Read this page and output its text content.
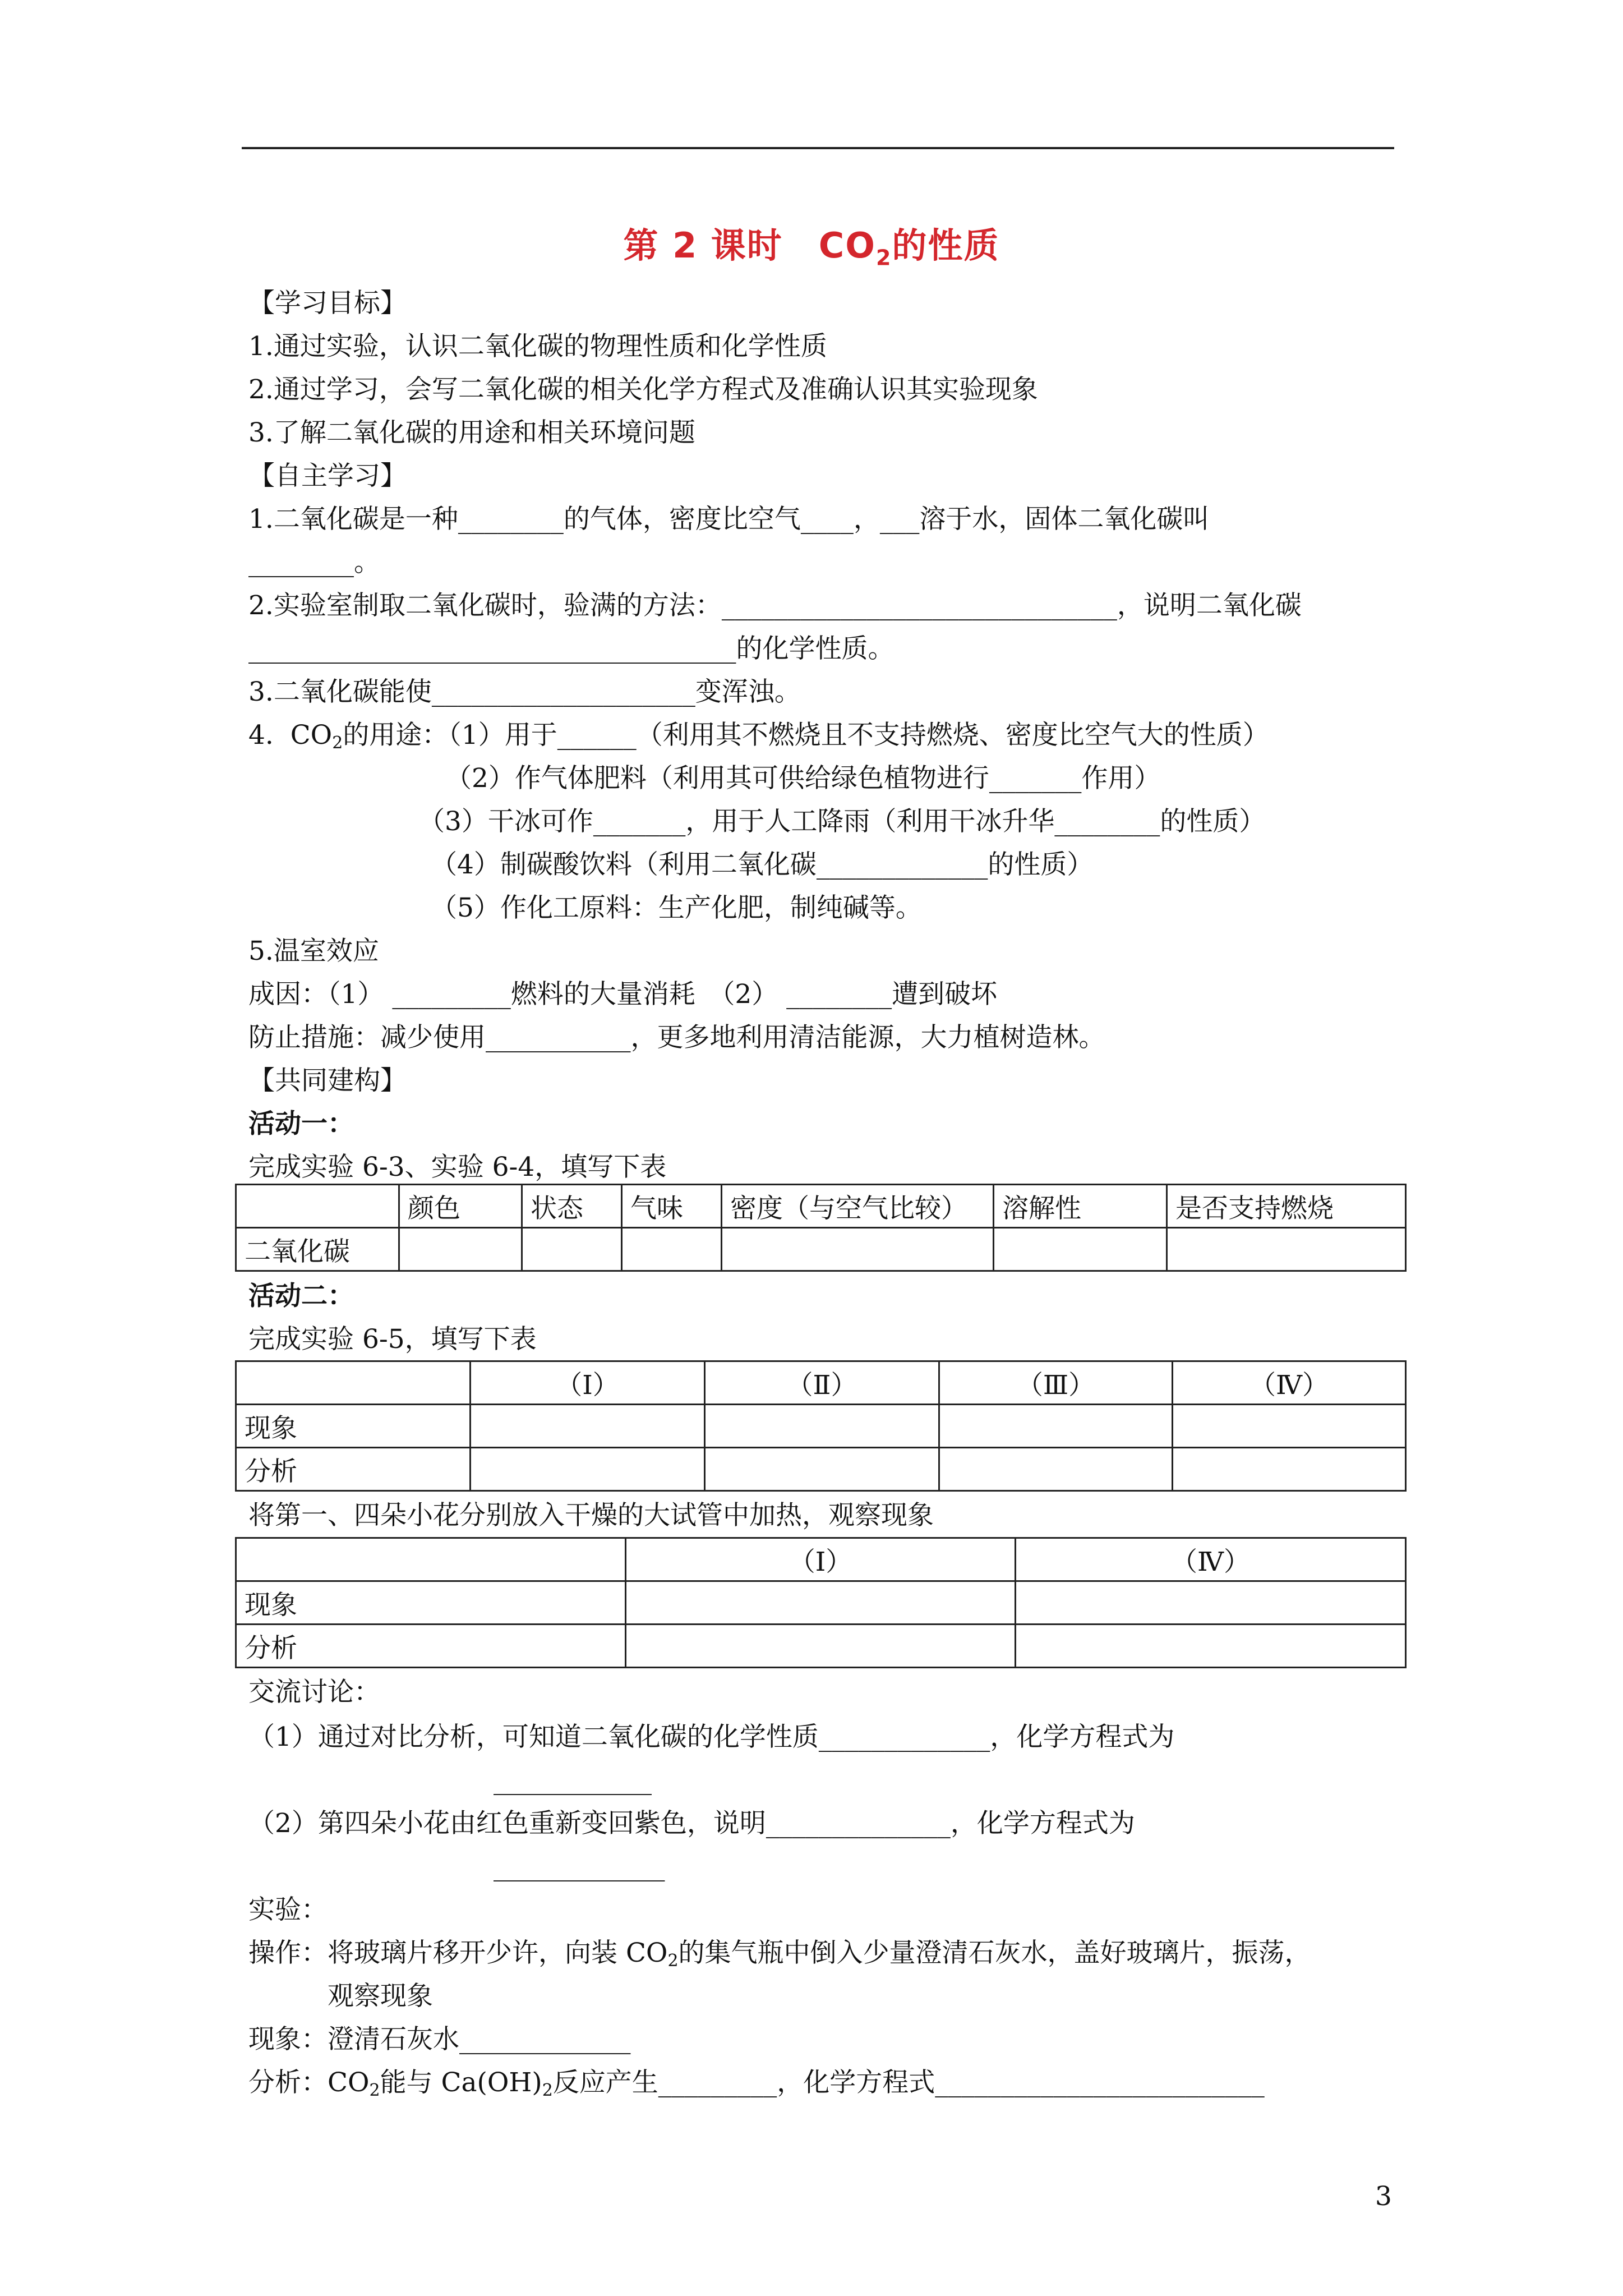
第 2 课时　$CO_2$的性质
【学习目标】
1.通过实验，认识二氧化碳的物理性质和化学性质
2.通过学习，会写二氧化碳的相关化学方程式及准确认识其实验现象
3.了解二氧化碳的用途和相关环境问题
【自主学习】
1.二氧化碳是一种________的气体，密度比空气____，___溶于水，固体二氧化碳叫
________。
2.实验室制取二氧化碳时，验满的方法：______________________________，说明二氧化碳
_____________________________________的化学性质。
3.二氧化碳能使____________________变浑浊。
4.  $CO_2$的用途：（1）用于______（利用其不燃烧且不支持燃烧、密度比空气大的性质）
（2）作气体肥料（利用其可供给绿色植物进行_______作用）
（3）干冰可作_______，用于人工降雨（利用干冰升华________的性质）
（4）制碳酸饮料（利用二氧化碳_____________的性质）
（5）作化工原料：生产化肥，制纯碱等。
5.温室效应
成因：（1） _________燃料的大量消耗　（2） ________遭到破坏
防止措施：减少使用___________，更多地利用清洁能源，大力植树造林。
【共同建构】
活动一：
完成实验 6-3、实验 6-4，填写下表
	颜色	状态	气味	密度（与空气比较）	溶解性	是否支持燃烧
二氧化碳						
活动二：
完成实验 6-5，填写下表
	（Ⅰ）	（Ⅱ）	（Ⅲ）	（Ⅳ）
现象				
分析				
将第一、四朵小花分别放入干燥的大试管中加热，观察现象
	（Ⅰ）	（Ⅳ）
现象		
分析		
交流讨论：
（1）通过对比分析，可知道二氧化碳的化学性质_____________，化学方程式为
____________
（2）第四朵小花由红色重新变回紫色，说明______________，化学方程式为
_____________
实验：
操作：将玻璃片移开少许，向装 $CO_2$的集气瓶中倒入少量澄清石灰水，盖好玻璃片，振荡，
观察现象
现象：澄清石灰水_____________
分析：$CO_2$能与 $Ca(OH)_2$反应产生_________，化学方程式_________________________
3
